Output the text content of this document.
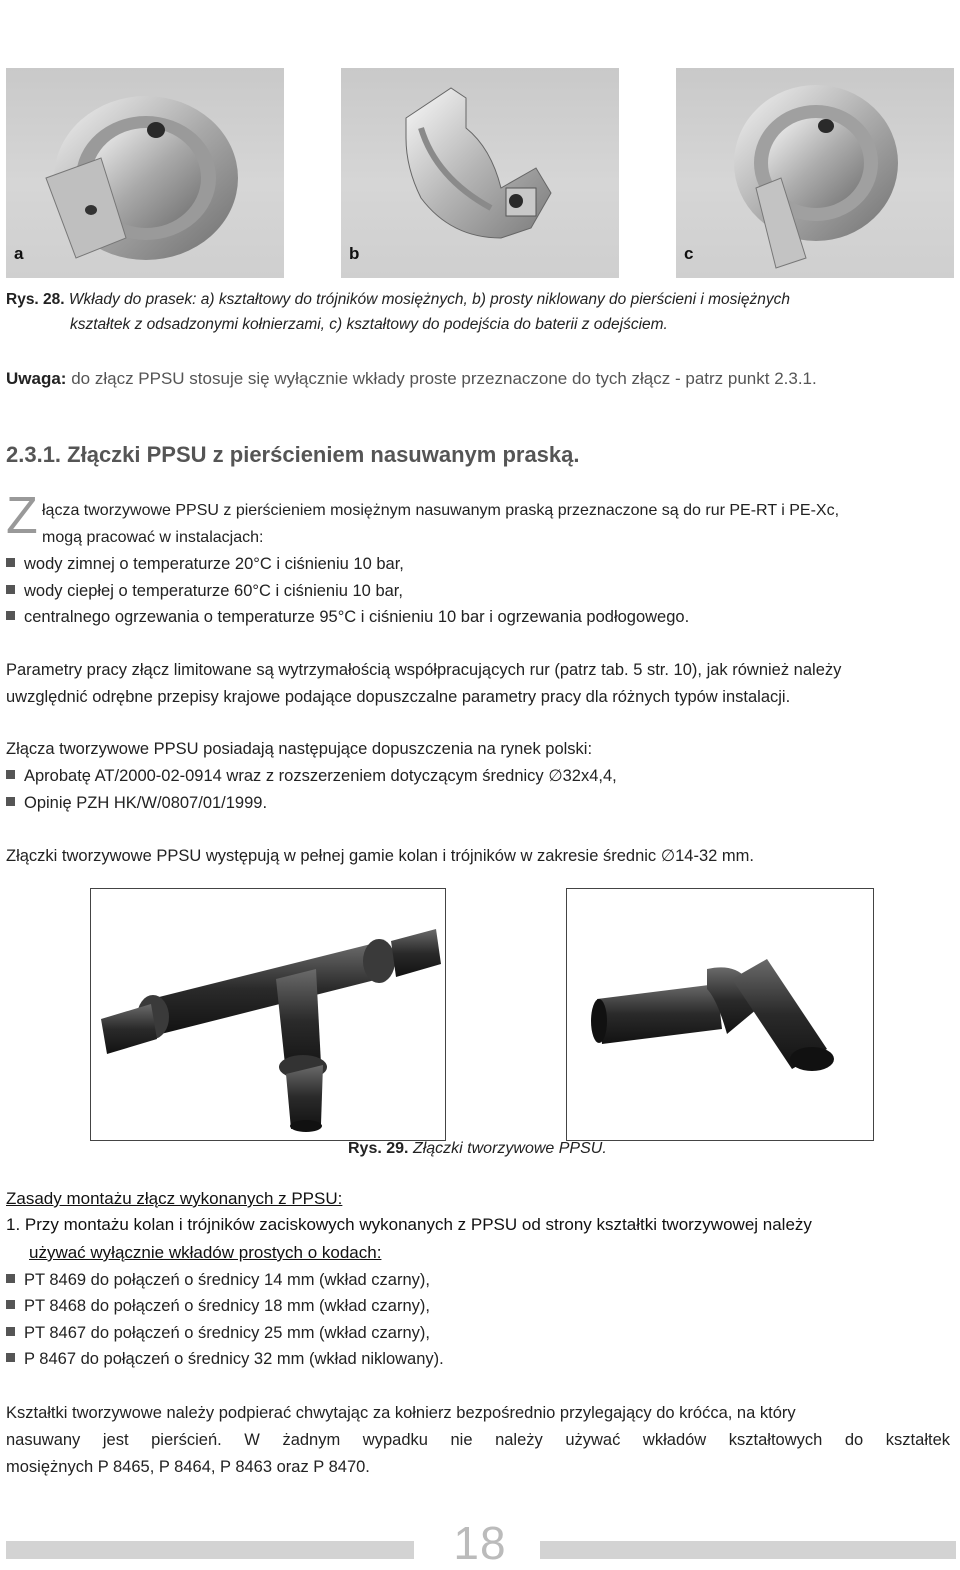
a	b	c
Rys. 28. Wkłady do prasek: a) kształtowy do trójników mosiężnych, b) prosty niklowany do pierścieni i mosiężnych
kształtek z odsadzonymi kołnierzami, c) kształtowy do podejścia do baterii z odejściem.
Uwaga: do złącz PPSU stosuje się wyłącznie wkłady proste przeznaczone do tych złącz - patrz punkt 2.3.1.
2.3.1. Złączki PPSU z pierścieniem nasuwanym praską.
Z łącza tworzywowe PPSU z pierścieniem mosiężnym nasuwanym praską przeznaczone są do rur PE-RT i PE-Xc,
mogą pracować w instalacjach:
wody zimnej o temperaturze 20°C i ciśnieniu 10 bar,
wody ciepłej o temperaturze 60°C i ciśnieniu 10 bar,
centralnego ogrzewania o temperaturze 95°C i ciśnieniu 10 bar i ogrzewania podłogowego.
Parametry pracy złącz limitowane są wytrzymałością współpracujących rur (patrz tab. 5 str. 10), jak również należy
uwzględnić odrębne przepisy krajowe podające dopuszczalne parametry pracy dla różnych typów instalacji.
Złącza tworzywowe PPSU posiadają następujące dopuszczenia na rynek polski:
Aprobatę AT/2000-02-0914 wraz z rozszerzeniem dotyczącym średnicy ∅32x4,4,
Opinię PZH HK/W/0807/01/1999.
Złączki tworzywowe PPSU występują w pełnej gamie kolan i trójników w zakresie średnic ∅14-32 mm.
Rys. 29. Złączki tworzywowe PPSU.
Zasady montażu złącz wykonanych z PPSU:
1. Przy montażu kolan i trójników zaciskowych wykonanych z PPSU od strony kształtki tworzywowej należy
używać wyłącznie wkładów prostych o kodach:
PT 8469 do połączeń o średnicy 14 mm (wkład czarny),
PT 8468 do połączeń o średnicy 18 mm (wkład czarny),
PT 8467 do połączeń o średnicy 25 mm (wkład czarny),
P 8467 do połączeń o średnicy 32 mm (wkład niklowany).
Kształtki tworzywowe należy podpierać chwytając za kołnierz bezpośrednio przylegający do króćca, na który
nasuwany jest pierścień. W żadnym wypadku nie należy używać wkładów kształtowych do kształtek
mosiężnych P 8465, P 8464, P 8463 oraz P 8470.
18
